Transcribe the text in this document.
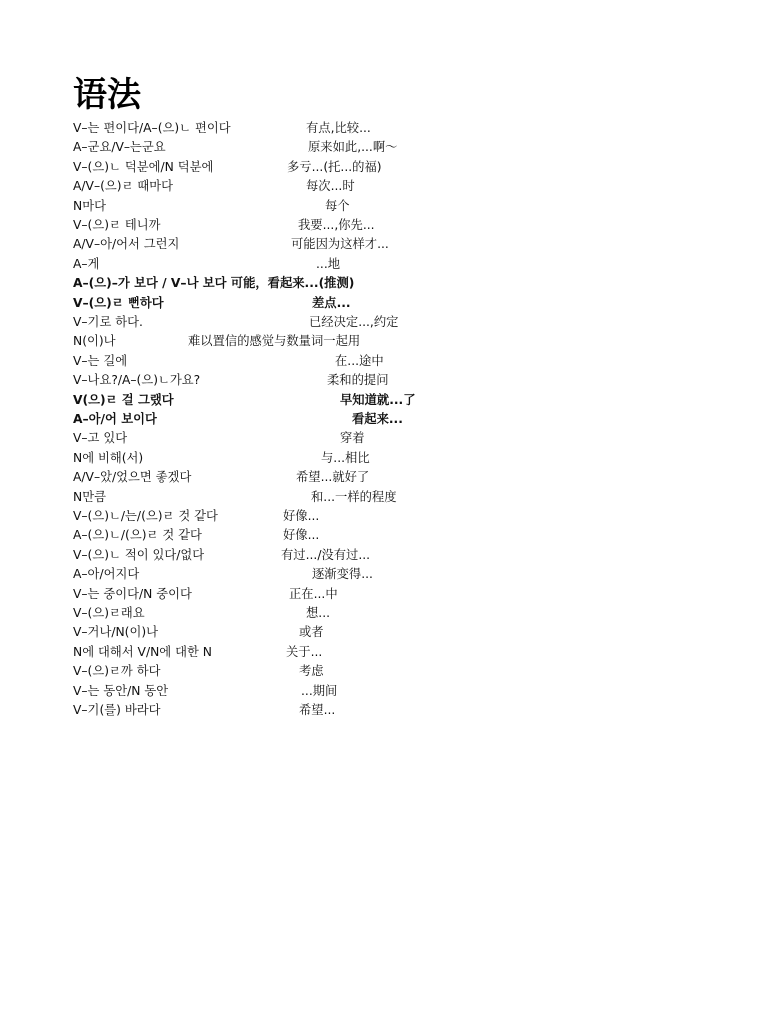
语法
V–는 편이다/A–(으)ㄴ 편이다	有点,比较...
A–군요/V–는군요	原来如此,...啊～
V–(으)ㄴ 덕분에/N 덕분에	多亏...(托...的福)
A/V–(으)ㄹ 때마다	每次...时
N마다	每个
V–(으)ㄹ 테니까	我要...,你先...
A/V–아/어서 그런지	可能因为这样才...
A–게	...地
A–(으)–가 보다 / V–나 보다 可能，看起来...(推测)
V–(으)ㄹ 뻔하다	差点...
V–기로 하다.	已经决定...,约定
N(이)나	难以置信的感觉与数量词一起用
V–는 길에	在...途中
V–나요?/A–(으)ㄴ가요?	柔和的提问
V(으)ㄹ 걸 그랬다	早知道就...了
A–아/어 보이다	看起来...
V–고 있다	穿着
N에 비해(서)	与...相比
A/V–았/었으면 좋겠다	希望...就好了
N만큼	和...一样的程度
V–(으)ㄴ/는/(으)ㄹ 것 같다	好像...
A–(으)ㄴ/(으)ㄹ 것 같다	好像...
V–(으)ㄴ 적이 있다/없다	有过.../没有过...
A–아/어지다	逐渐变得...
V–는 중이다/N 중이다	正在...中
V–(으)ㄹ래요	想...
V–거나/N(이)나	或者
N에 대해서 V/N에 대한 N	关于...
V–(으)ㄹ까 하다	考虑
V–는 동안/N 동안	...期间
V–기(를) 바라다	希望...
